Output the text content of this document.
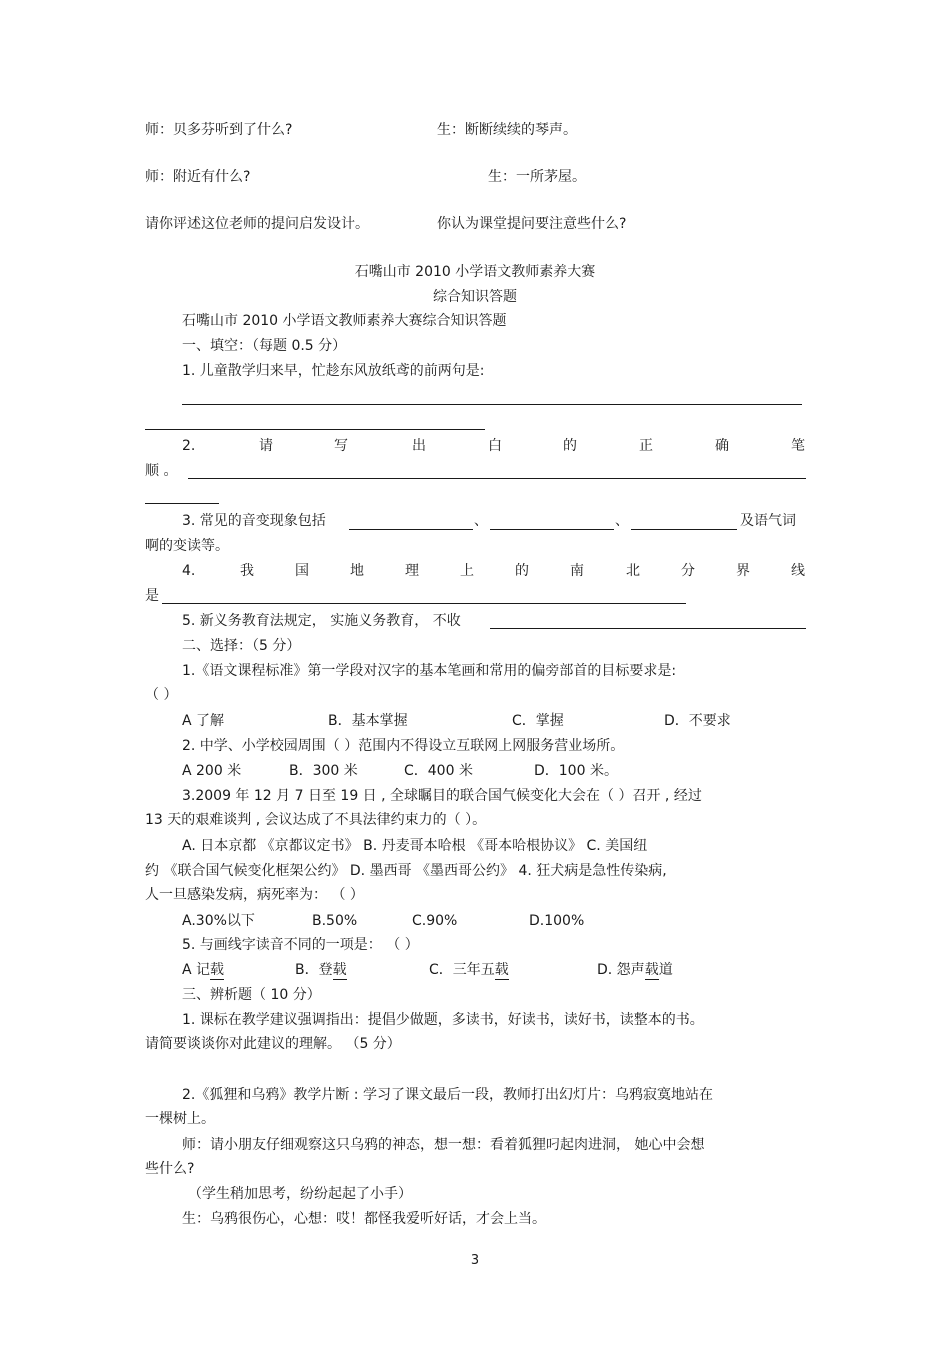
师：贝多芬听到了什么?	生：断断续续的琴声。
师：附近有什么?	生：一所茅屋。
请你评述这位老师的提问启发设计。	你认为课堂提问要注意些什么?
石嘴山市 2010 小学语文教师素养大赛
综合知识答题
石嘴山市 2010 小学语文教师素养大赛综合知识答题
一、填空：（每题 0.5 分）
1. 儿童散学归来早，忙趁东风放纸鸢的前两句是:
2.	请	写	出	白	的	正	确	笔
顺 。
3. 常见的音变现象包括	、	、	及语气词
啊的变读等。
4.	我	国	地	理	上	的	南	北	分	界	线
是
5. 新义务教育法规定， 实施义务教育， 不收
二、选择：（5 分）
1.《语文课程标准》第一学段对汉字的基本笔画和常用的偏旁部首的目标要求是:
（ ）
A 了解	B．基本掌握	C．掌握	D．不要求
2. 中学、小学校园周围（ ）范围内不得设立互联网上网服务营业场所。
A 200 米	B．300 米	C．400 米	D．100 米。
3.2009 年 12 月 7 日至 19 日 , 全球瞩目的联合国气候变化大会在（ ）召开 , 经过
13 天的艰难谈判 , 会议达成了不具法律约束力的（ ）。
A. 日本京都 《京都议定书》 B. 丹麦哥本哈根 《哥本哈根协议》 C. 美国纽
约 《联合国气候变化框架公约》 D. 墨西哥 《墨西哥公约》 4. 狂犬病是急性传染病,
人一旦感染发病，病死率为： （ ）
A.30%以下	B.50%	C.90%	D.100%
5. 与画线字读音不同的一项是： （ ）
A 记载	B．登载	C．三年五载	D. 怨声载道
三、辨析题（ 10 分）
1. 课标在教学建议强调指出：提倡少做题，多读书，好读书，读好书，读整本的书。
请简要谈谈你对此建议的理解。 （5 分）
2.《狐狸和乌鸦》教学片断 : 学习了课文最后一段，教师打出幻灯片：乌鸦寂寞地站在
一棵树上。
师：请小朋友仔细观察这只乌鸦的神态，想一想：看着狐狸叼起肉进洞， 她心中会想
些什么?
（学生稍加思考，纷纷起起了小手）
生：乌鸦很伤心，心想：哎！都怪我爱听好话，才会上当。
3
